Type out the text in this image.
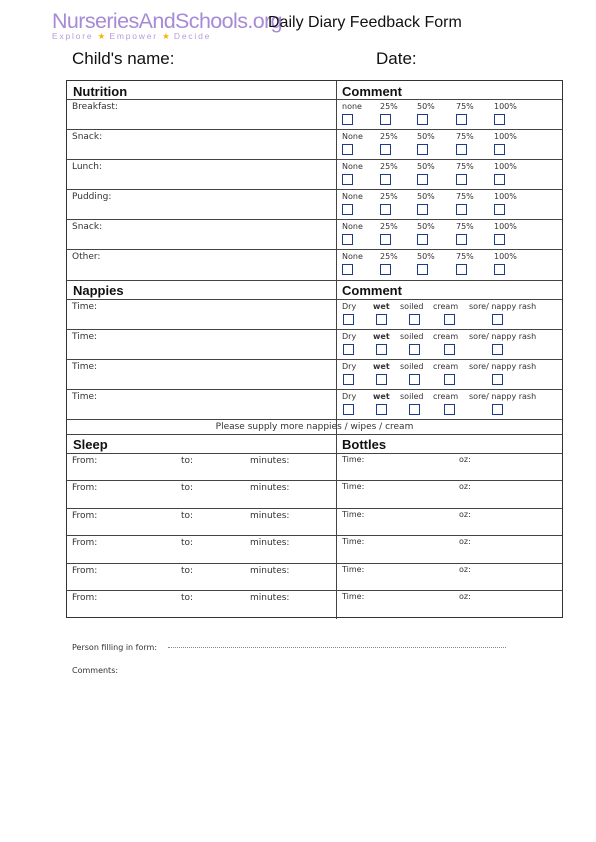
NurseriesAndSchools.org
Explore ★ Empower ★ Decide
Daily Diary Feedback Form
Child's name:	Date:
Nutrition	Comment
Breakfast:	none 25% 50%	75%	100%
Snack:	None 25% 50%	75%	100%
Lunch:	None 25% 50%	75%	100%
Pudding:	None 25% 50%	75%	100%
Snack:	None 25% 50%	75%	100%
Other:	None 25% 50%	75%	100%
Nappies	Comment
Time:	Dry wet soiled cream sore/ nappy rash
Time:	Dry wet soiled cream sore/ nappy rash
Time:	Dry wet soiled cream sore/ nappy rash
Time:	Dry wet soiled cream sore/ nappy rash
Please supply more nappies / wipes / cream
Sleep	Bottles
From:	to:	minutes:	Time:	oz:
From:	to:	minutes:	Time:	oz:
From:	to:	minutes:	Time:	oz:
From:	to:	minutes:	Time:	oz:
From:	to:	minutes:	Time:	oz:
From:	to:	minutes:	Time:	oz:
Person filling in form:
Comments:
